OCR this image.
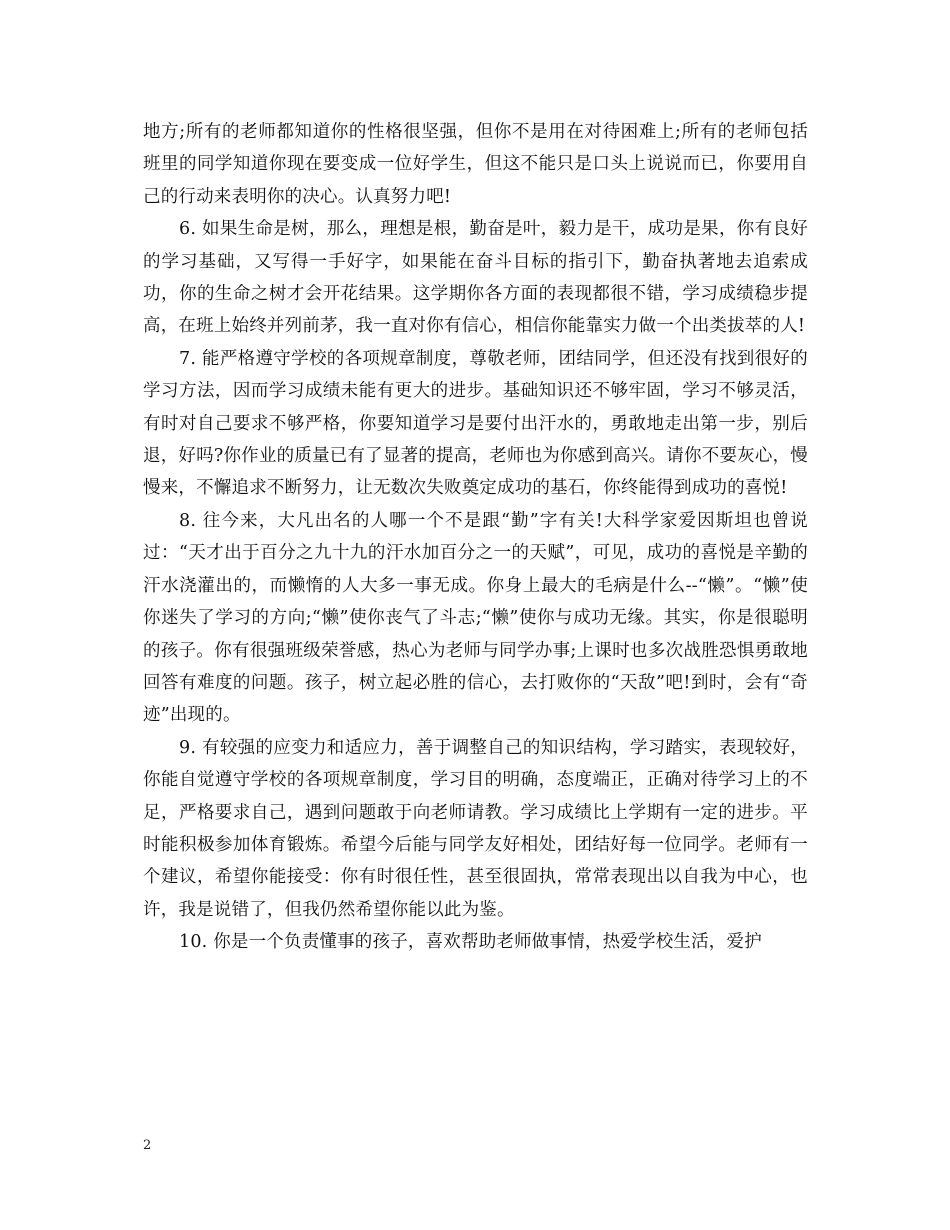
地方;所有的老师都知道你的性格很坚强，但你不是用在对待困难上;所有的老师包括班里的同学知道你现在要变成一位好学生，但这不能只是口头上说说而已，你要用自己的行动来表明你的决心。认真努力吧!

6. 如果生命是树，那么，理想是根，勤奋是叶，毅力是干，成功是果，你有良好的学习基础，又写得一手好字，如果能在奋斗目标的指引下，勤奋执著地去追索成功，你的生命之树才会开花结果。这学期你各方面的表现都很不错，学习成绩稳步提高，在班上始终并列前茅，我一直对你有信心，相信你能靠实力做一个出类拔萃的人!

7. 能严格遵守学校的各项规章制度，尊敬老师，团结同学，但还没有找到很好的学习方法，因而学习成绩未能有更大的进步。基础知识还不够牢固，学习不够灵活，有时对自己要求不够严格，你要知道学习是要付出汗水的，勇敢地走出第一步，别后退，好吗?你作业的质量已有了显著的提高，老师也为你感到高兴。请你不要灰心，慢慢来，不懈追求不断努力，让无数次失败奠定成功的基石，你终能得到成功的喜悦!

8. 往今来，大凡出名的人哪一个不是跟“勤”字有关!大科学家爱因斯坦也曾说过：“天才出于百分之九十九的汗水加百分之一的天赋”，可见，成功的喜悦是辛勤的汗水浇灌出的，而懒惰的人大多一事无成。你身上最大的毛病是什么--“懒”。“懒”使你迷失了学习的方向;“懒”使你丧气了斗志;“懒”使你与成功无缘。其实，你是很聪明的孩子。你有很强班级荣誉感，热心为老师与同学办事;上课时也多次战胜恐惧勇敢地回答有难度的问题。孩子，树立起必胜的信心，去打败你的“天敌”吧!到时，会有“奇迹”出现的。

9. 有较强的应变力和适应力，善于调整自己的知识结构，学习踏实，表现较好，你能自觉遵守学校的各项规章制度，学习目的明确，态度端正，正确对待学习上的不足，严格要求自己，遇到问题敢于向老师请教。学习成绩比上学期有一定的进步。平时能积极参加体育锻炼。希望今后能与同学友好相处，团结好每一位同学。老师有一个建议，希望你能接受：你有时很任性，甚至很固执，常常表现出以自我为中心，也许，我是说错了，但我仍然希望你能以此为鉴。

10. 你是一个负责懂事的孩子，喜欢帮助老师做事情，热爱学校生活，爱护

2
